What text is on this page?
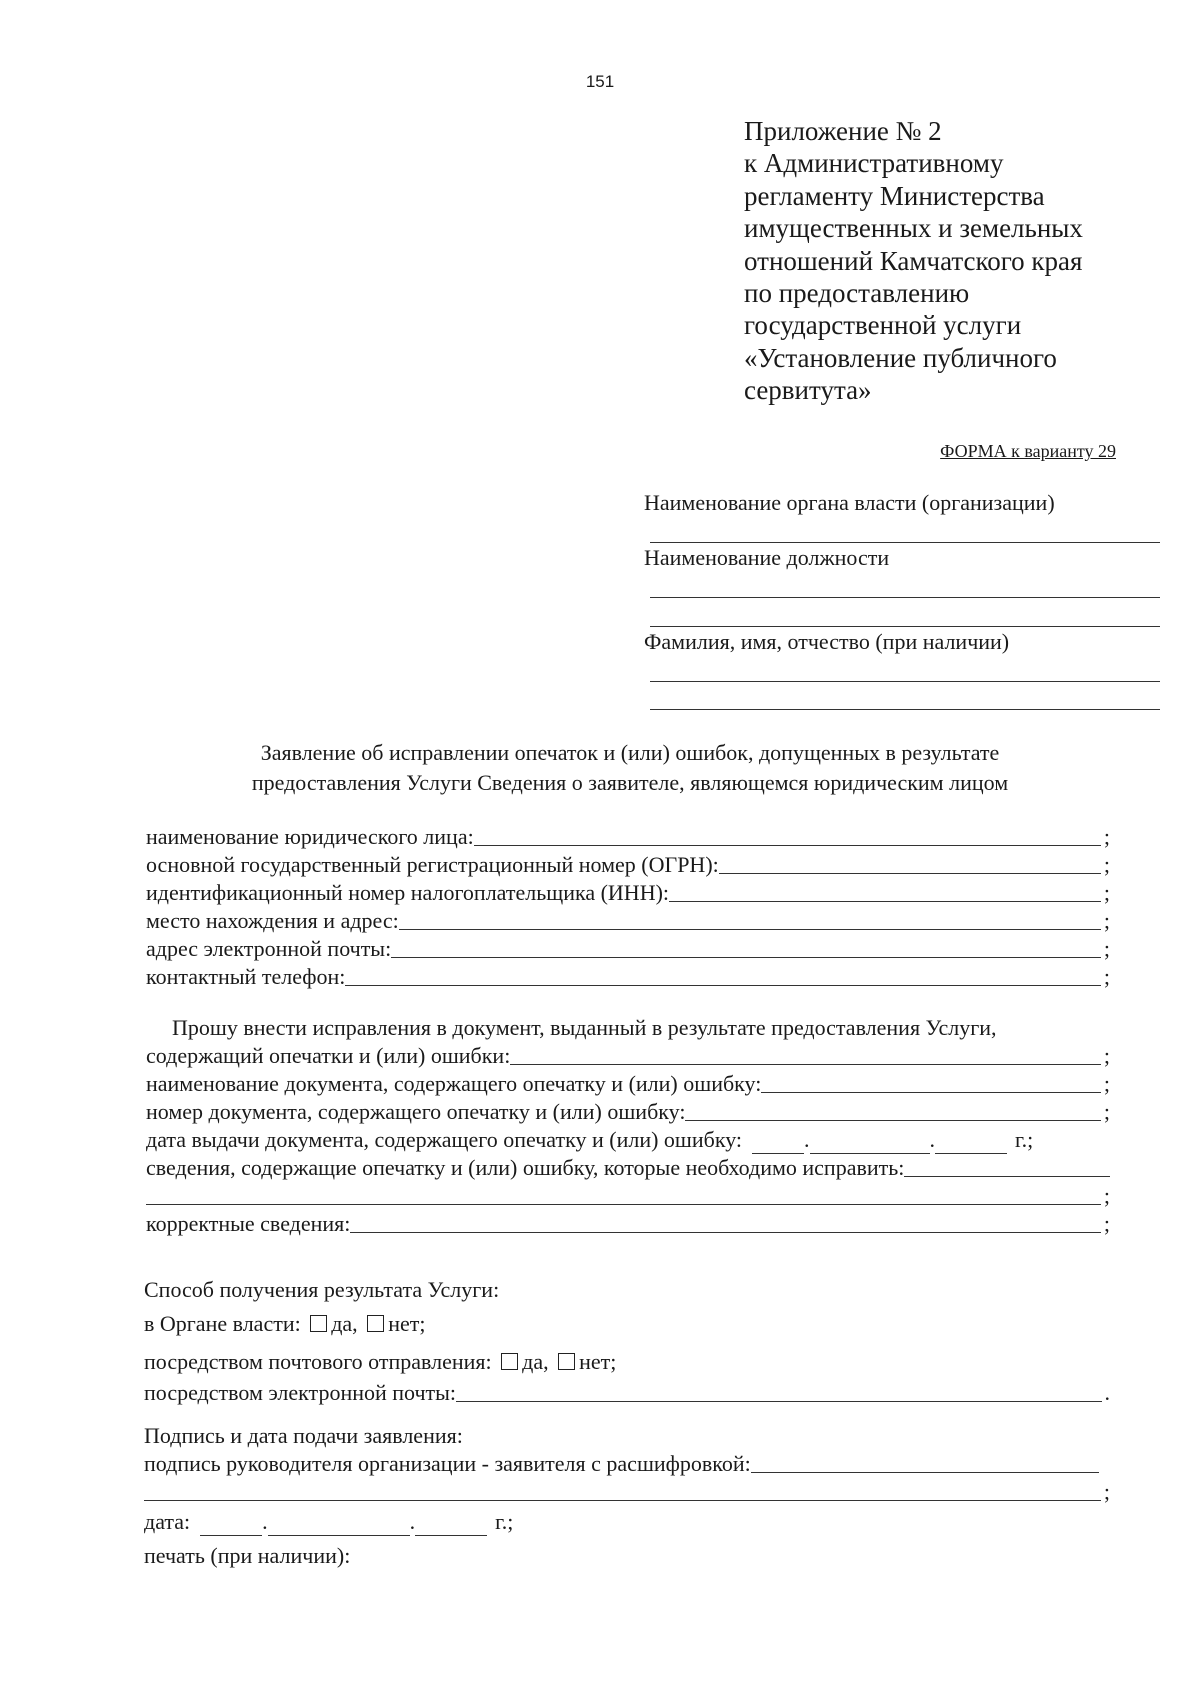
151
Приложение № 2
к Административному
регламенту Министерства
имущественных и земельных
отношений Камчатского края
по предоставлению
государственной услуги
«Установление публичного
сервитута»
ФОРМА к варианту 29
Наименование органа власти (организации)
Наименование должности
Фамилия, имя, отчество (при наличии)
Заявление об исправлении опечаток и (или) ошибок, допущенных в результате
предоставления Услуги Сведения о заявителе, являющемся юридическим лицом
наименование юридического лица:	;
основной государственный регистрационный номер (ОГРН):	;
идентификационный номер налогоплательщика (ИНН):	;
место нахождения и адрес:	;
адрес электронной почты:	;
контактный телефон:	;
Прошу внести исправления в документ, выданный в результате предоставления Услуги,
содержащий опечатки и (или) ошибки:	;
наименование документа, содержащего опечатку и (или) ошибку:	;
номер документа, содержащего опечатку и (или) ошибку:	;
дата выдачи документа, содержащего опечатку и (или) ошибку:	.	.	г.;
сведения, содержащие опечатку и (или) ошибку, которые необходимо исправить:
;
корректные сведения:	;
Способ получения результата Услуги:
в Органе власти: да, нет;
посредством почтового отправления: да, нет;
посредством электронной почты:	.
Подпись и дата подачи заявления:
подпись руководителя организации - заявителя с расшифровкой:
;
дата:	.	.	г.;
печать (при наличии):
